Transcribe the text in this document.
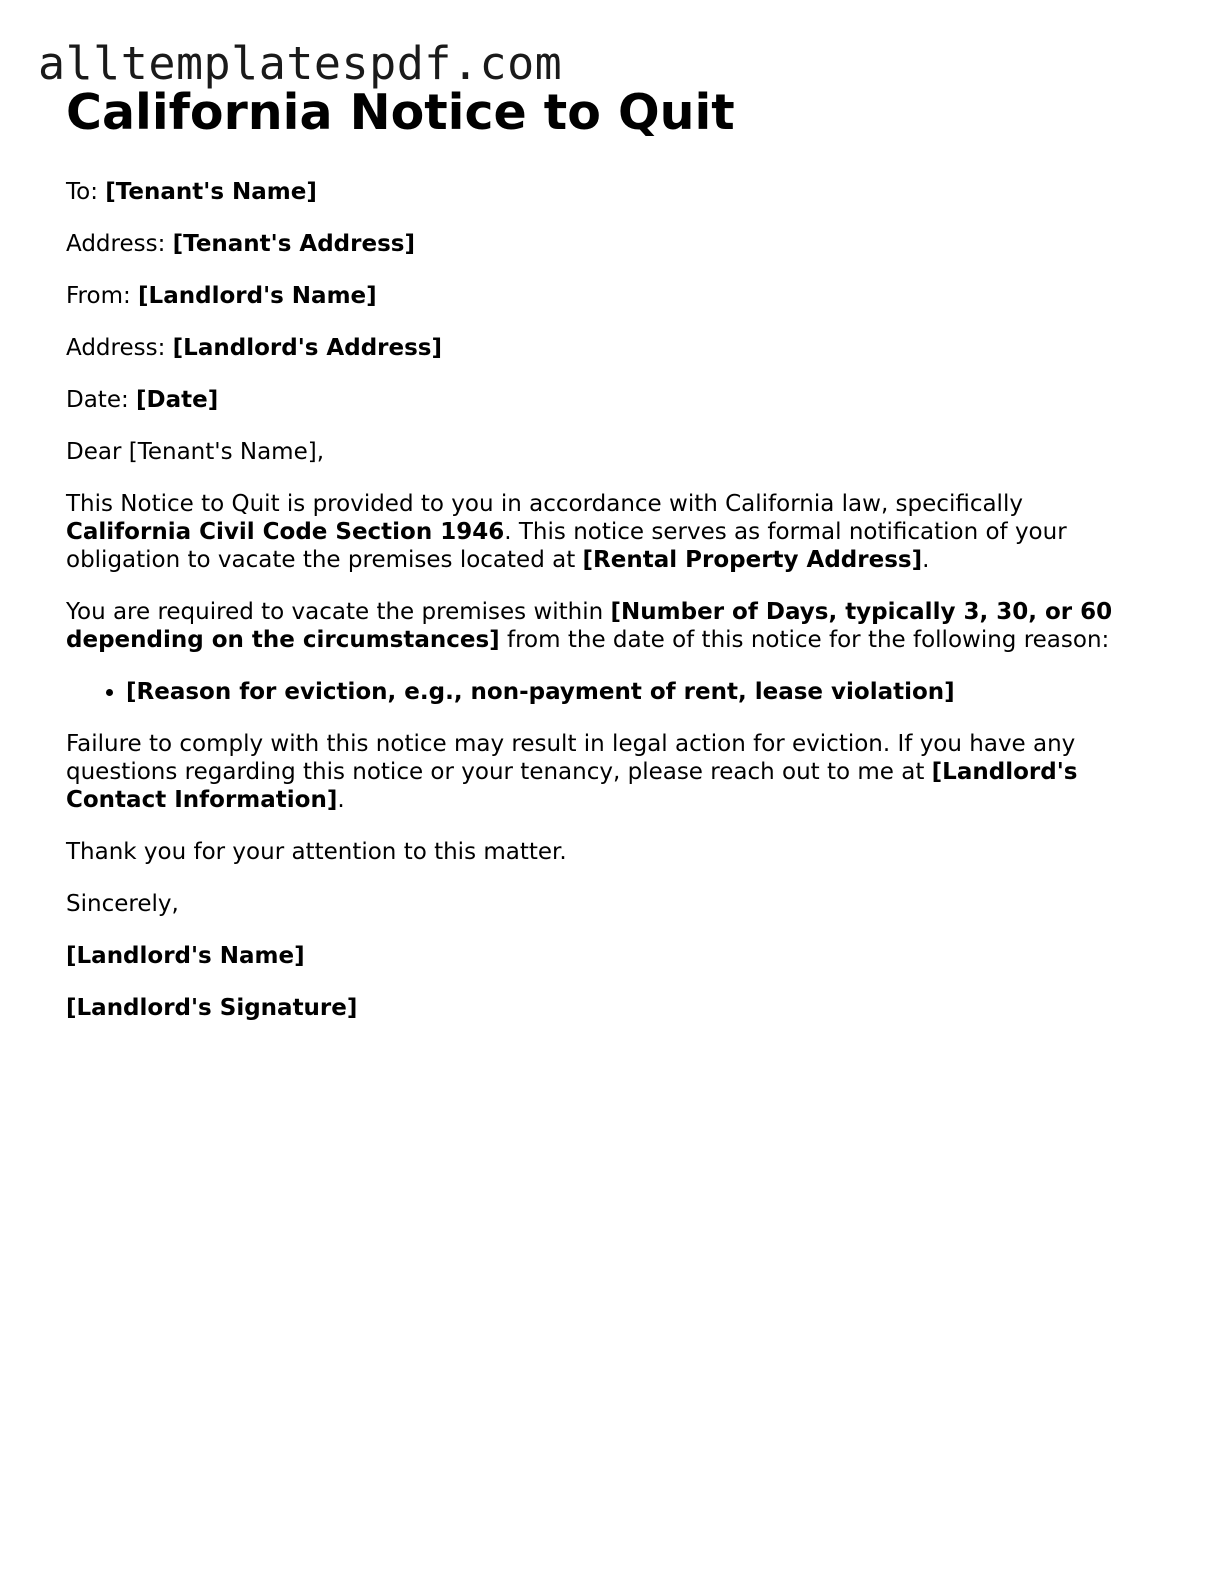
alltemplatespdf.com
California Notice to Quit

To: [Tenant's Name]

Address: [Tenant's Address]

From: [Landlord's Name]

Address: [Landlord's Address]

Date: [Date]

Dear [Tenant's Name],

This Notice to Quit is provided to you in accordance with California law, specifically California Civil Code Section 1946. This notice serves as formal notification of your obligation to vacate the premises located at [Rental Property Address].

You are required to vacate the premises within [Number of Days, typically 3, 30, or 60 depending on the circumstances] from the date of this notice for the following reason:

• [Reason for eviction, e.g., non-payment of rent, lease violation]

Failure to comply with this notice may result in legal action for eviction. If you have any questions regarding this notice or your tenancy, please reach out to me at [Landlord's Contact Information].

Thank you for your attention to this matter.

Sincerely,

[Landlord's Name]

[Landlord's Signature]
